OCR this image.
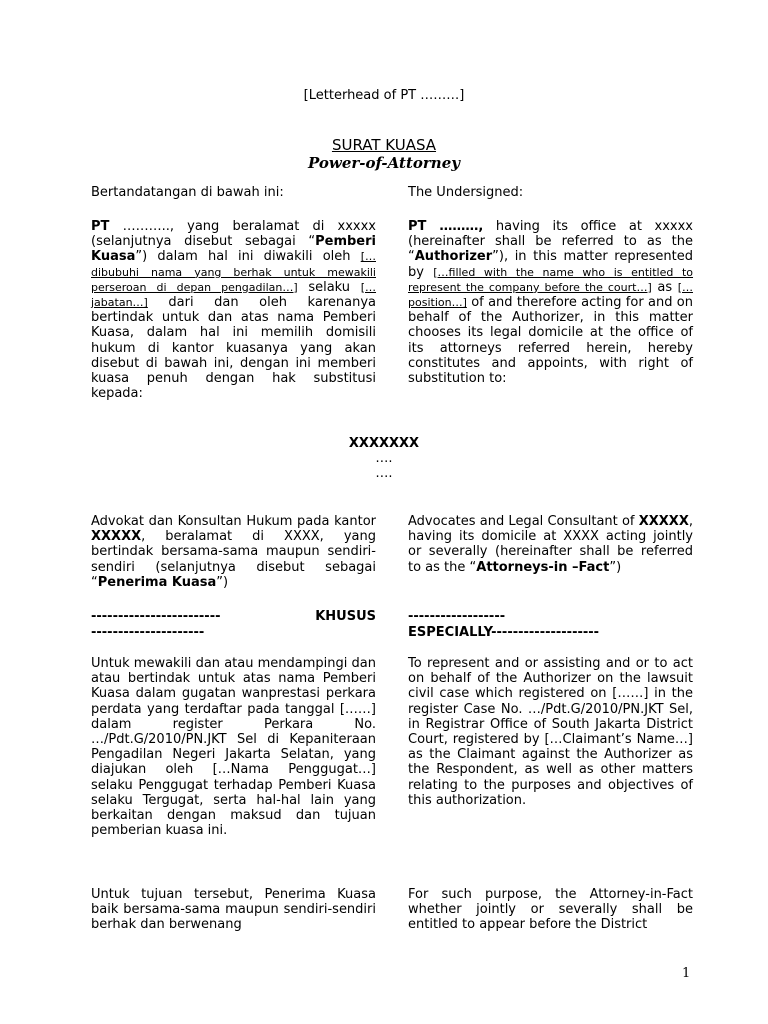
[Letterhead of PT ………]
SURAT KUASA
Power-of-Attorney

Bertandatangan di bawah ini:	The Undersigned:

PT ……….., yang beralamat di xxxxx (selanjutnya disebut sebagai “Pemberi Kuasa”) dalam hal ini diwakili oleh […dibubuhi nama yang berhak untuk mewakili perseroan di depan pengadilan…] selaku […jabatan…] dari dan oleh karenanya bertindak untuk dan atas nama Pemberi Kuasa, dalam hal ini memilih domisili hukum di kantor kuasanya yang akan disebut di bawah ini, dengan ini memberi kuasa penuh dengan hak substitusi kepada:

PT ………, having its office at xxxxx (hereinafter shall be referred to as the “Authorizer”), in this matter represented by […filled with the name who is entitled to represent the company before the court…] as […position…] of and therefore acting for and on behalf of the Authorizer, in this matter chooses its legal domicile at the office of its attorneys referred herein, hereby constitutes and appoints, with right of substitution to:

XXXXXXX
….
….

Advokat dan Konsultan Hukum pada kantor XXXXX, beralamat di XXXX, yang bertindak bersama-sama maupun sendiri-sendiri (selanjutnya disebut sebagai “Penerima Kuasa”)

Advocates and Legal Consultant of XXXXX, having its domicile at XXXX acting jointly or severally (hereinafter shall be referred to as the “Attorneys-in –Fact”)

------------------------	KHUSUS
---------------------
------------------
ESPECIALLY--------------------

Untuk mewakili dan atau mendampingi dan atau bertindak untuk atas nama Pemberi Kuasa dalam gugatan wanprestasi perkara perdata yang terdaftar pada tanggal [……] dalam register Perkara No. …/Pdt.G/2010/PN.JKT Sel di Kepaniteraan Pengadilan Negeri Jakarta Selatan, yang diajukan oleh […Nama Penggugat…] selaku Penggugat terhadap Pemberi Kuasa selaku Tergugat, serta hal-hal lain yang berkaitan dengan maksud dan tujuan pemberian kuasa ini.

To represent and or assisting and or to act on behalf of the Authorizer on the lawsuit civil case which registered on [……] in the register Case No. …/Pdt.G/2010/PN.JKT Sel, in Registrar Office of South Jakarta District Court, registered by […Claimant’s Name…] as the Claimant against the Authorizer as the Respondent, as well as other matters relating to the purposes and objectives of this authorization.

Untuk tujuan tersebut, Penerima Kuasa baik bersama-sama maupun sendiri-sendiri berhak dan berwenang

For such purpose, the Attorney-in-Fact whether jointly or severally shall be entitled to appear before the District

1
